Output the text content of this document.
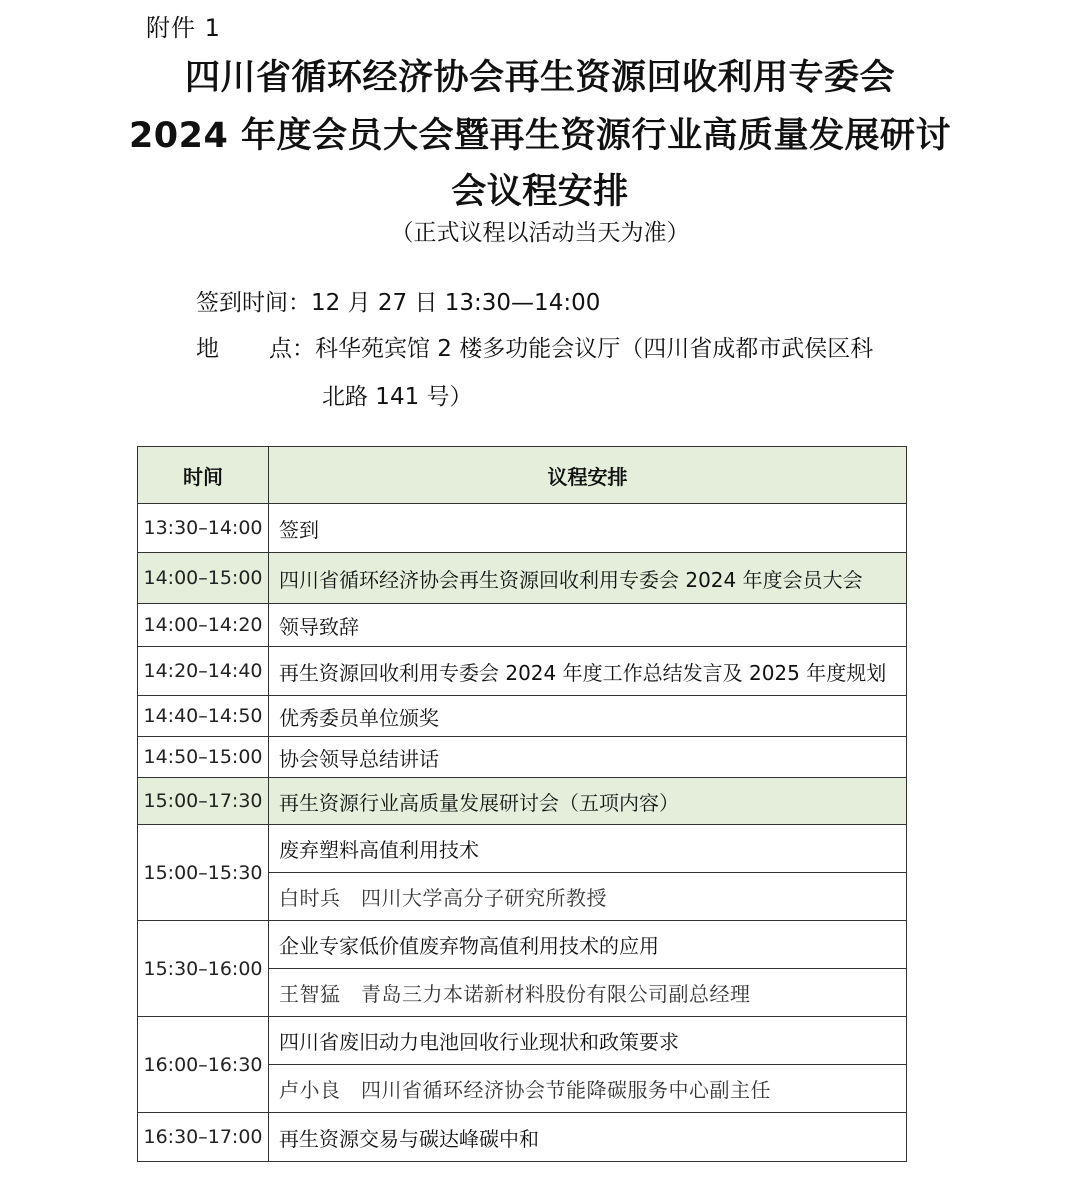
附件 1
四川省循环经济协会再生资源回收利用专委会
2024 年度会员大会暨再生资源行业高质量发展研讨
会议程安排
（正式议程以活动当天为准）
签到时间：12 月 27 日 13:30—14:00
地 点：科华苑宾馆 2 楼多功能会议厅（四川省成都市武侯区科
北路 141 号）
时间	议程安排
13:30–14:00	签到
14:00–15:00	四川省循环经济协会再生资源回收利用专委会 2024 年度会员大会
14:00–14:20	领导致辞
14:20–14:40	再生资源回收利用专委会 2024 年度工作总结发言及 2025 年度规划
14:40–14:50	优秀委员单位颁奖
14:50–15:00	协会领导总结讲话
15:00–17:30	再生资源行业高质量发展研讨会（五项内容）
15:00–15:30	废弃塑料高值利用技术
	白时兵　四川大学高分子研究所教授
15:30–16:00	企业专家低价值废弃物高值利用技术的应用
	王智猛　青岛三力本诺新材料股份有限公司副总经理
16:00–16:30	四川省废旧动力电池回收行业现状和政策要求
	卢小良　四川省循环经济协会节能降碳服务中心副主任
16:30–17:00	再生资源交易与碳达峰碳中和
